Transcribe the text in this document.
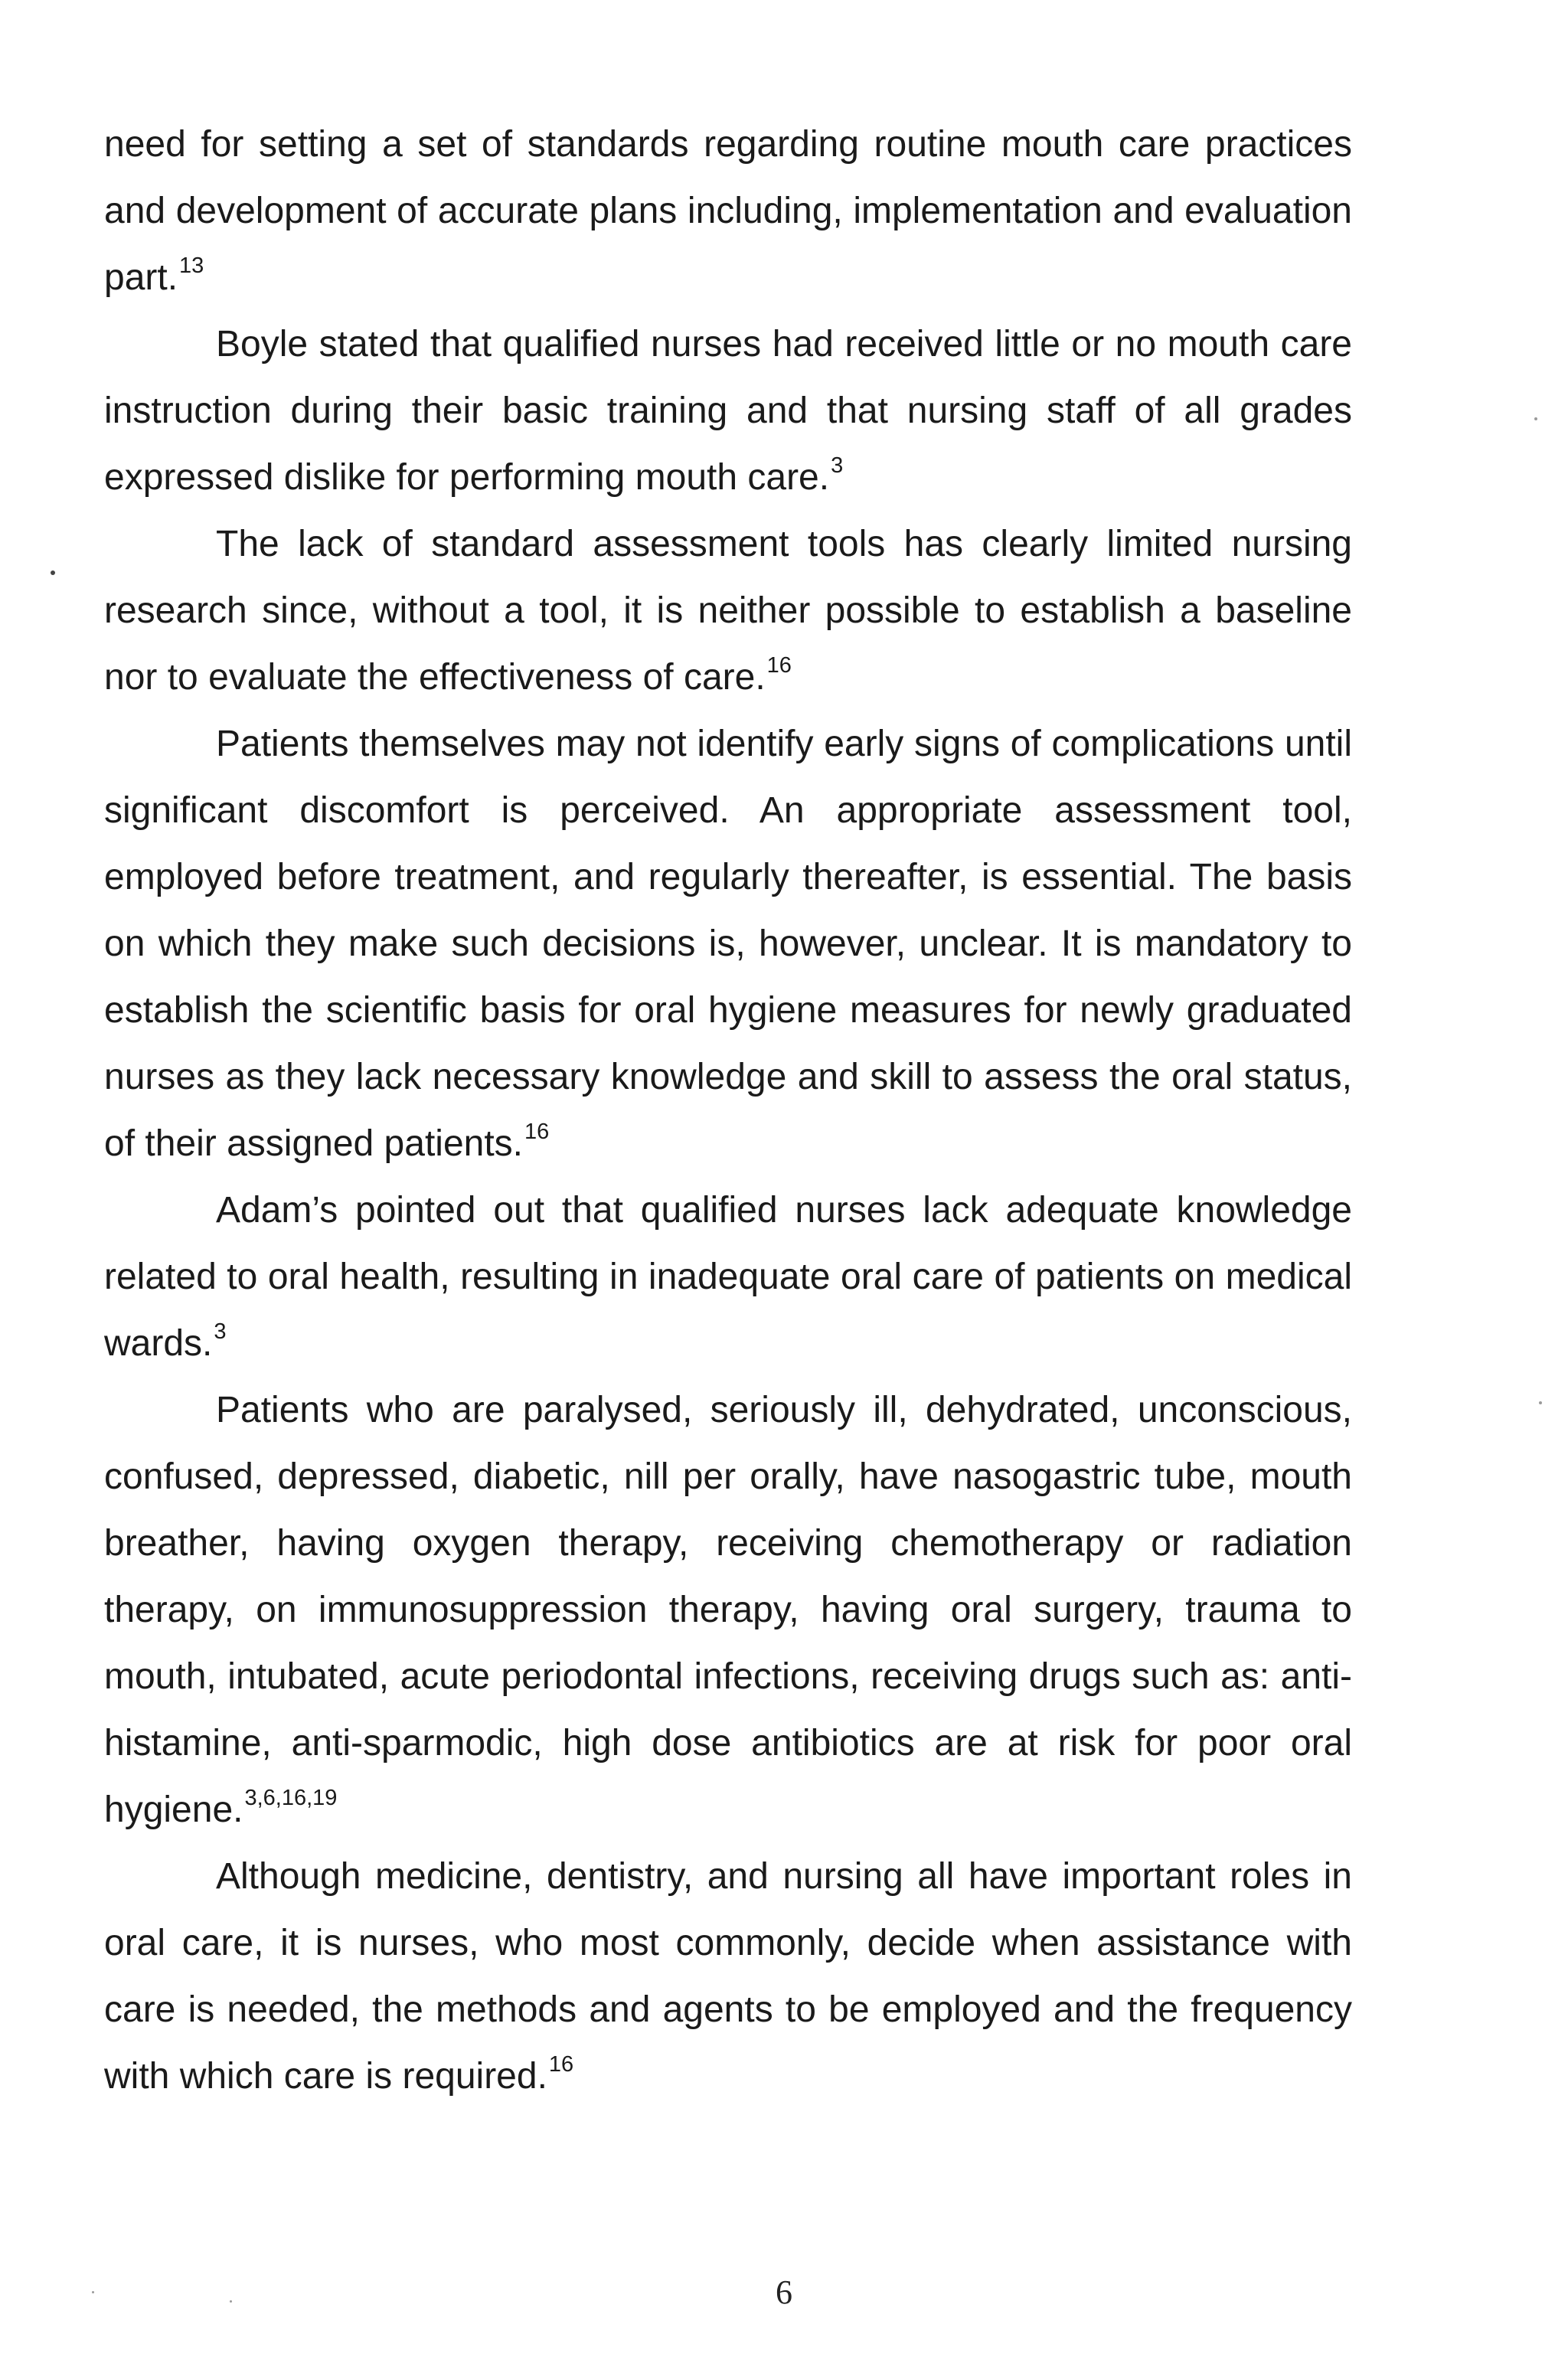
need for setting a set of standards regarding routine mouth care practices and development of accurate plans including, implementation and evaluation part.$^{13}$

Boyle stated that qualified nurses had received little or no mouth care instruction during their basic training and that nursing staff of all grades expressed dislike for performing mouth care.$^3$

The lack of standard assessment tools has clearly limited nursing research since, without a tool, it is neither possible to establish a baseline nor to evaluate the effectiveness of care.$^{16}$

Patients themselves may not identify early signs of complications until significant discomfort is perceived. An appropriate assessment tool, employed before treatment, and regularly thereafter, is essential. The basis on which they make such decisions is, however, unclear. It is mandatory to establish the scientific basis for oral hygiene measures for newly graduated nurses as they lack necessary knowledge and skill to assess the oral status, of their assigned patients.$^{16}$

Adam’s pointed out that qualified nurses lack adequate knowledge related to oral health, resulting in inadequate oral care of patients on medical wards.$^3$

Patients who are paralysed, seriously ill, dehydrated, unconscious, confused, depressed, diabetic, nill per orally, have nasogastric tube, mouth breather, having oxygen therapy, receiving chemotherapy or radiation therapy, on immunosuppression therapy, having oral surgery, trauma to mouth, intubated, acute periodontal infections, receiving drugs such as: anti-histamine, anti-sparmodic, high dose antibiotics are at risk for poor oral hygiene.$^{3,6,16,19}$

Although medicine, dentistry, and nursing all have important roles in oral care, it is nurses, who most commonly, decide when assistance with care is needed, the methods and agents to be employed and the frequency with which care is required.$^{16}$

6
